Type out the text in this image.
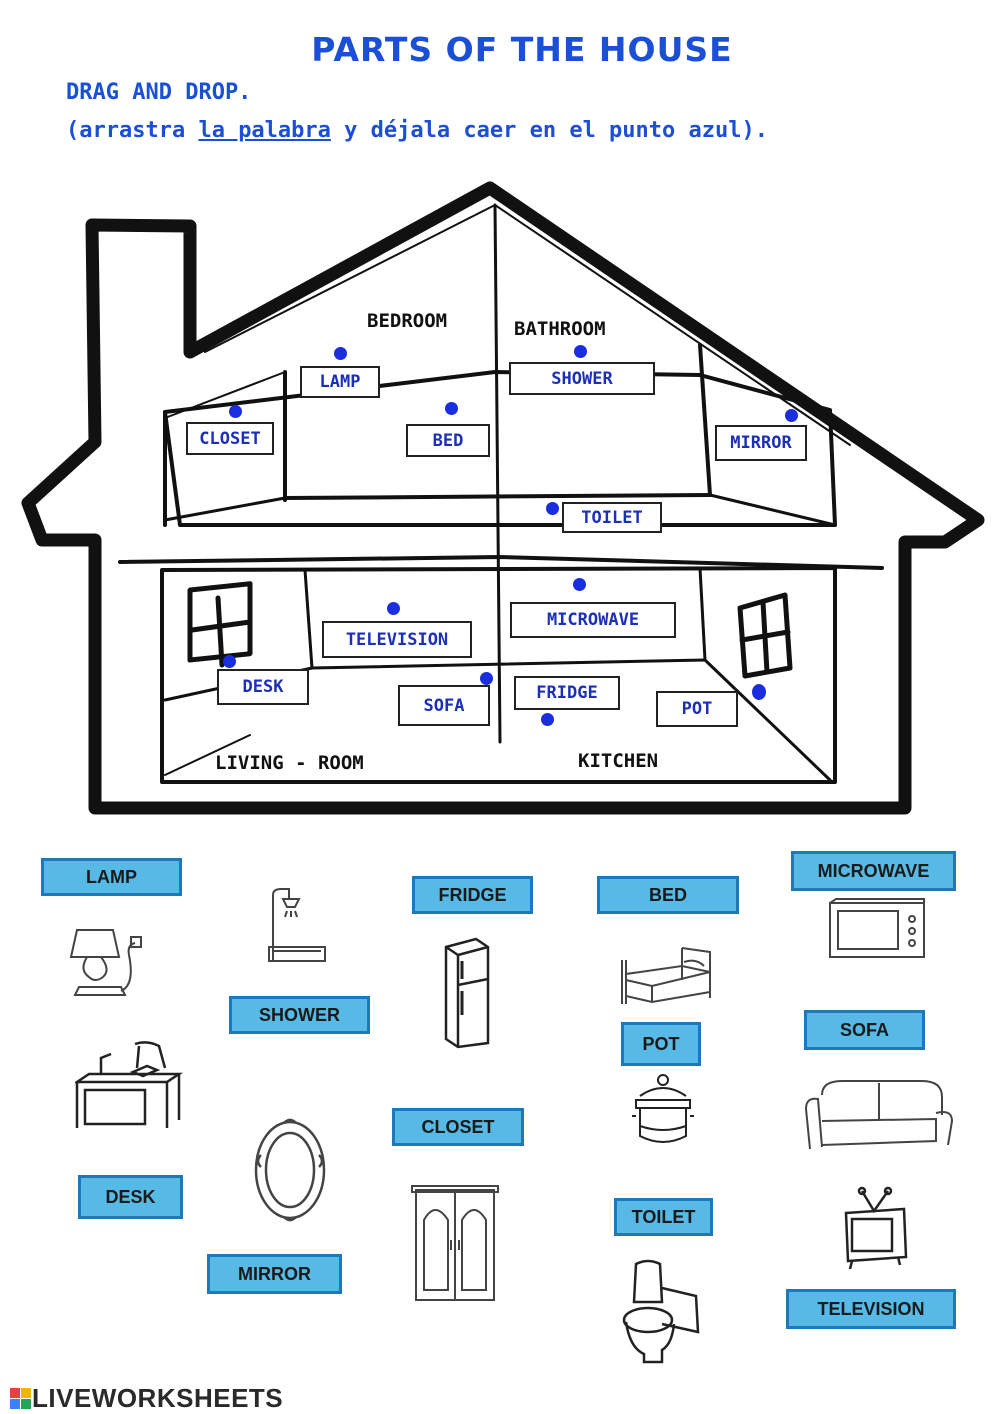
PARTS OF THE HOUSE
DRAG AND DROP.
(arrastra la palabra y déjala caer en el punto azul).
BEDROOM	BATHROOM
LIVING - ROOM	KITCHEN
LAMP	SHOWER
CLOSET	BED	MIRROR
TOILET
MICROWAVE
TELEVISION
DESK
SOFA
FRIDGE
POT
LAMP
FRIDGE	BED
MICROWAVE
SHOWER
POT
SOFA
CLOSET
DESK
TOILET
MIRROR
TELEVISION
LIVEWORKSHEETS
